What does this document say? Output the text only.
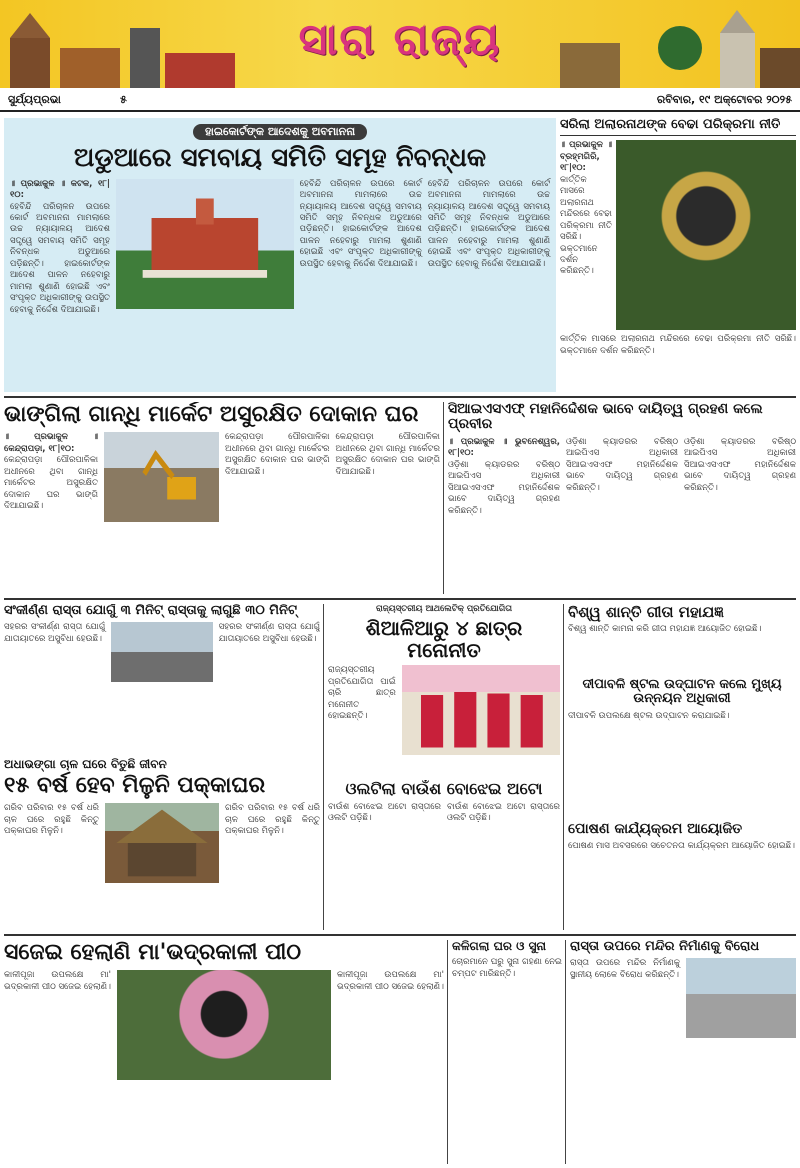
ସାରା ରାଜ୍ୟ
ସୁର୍ଯ୍ୟପ୍ରଭା	୫	ରବିବାର, ୧୯ ଅକ୍ଟୋବର ୨୦୨୫
ହାଇକୋର୍ଟଙ୍କ ଆଦେଶକୁ ଅବମାନନା
ଅଡୁଆରେ ସମବାୟ ସମିତି ସମୂହ ନିବନ୍ଧକ
॥ ପ୍ରଭାକୁଳ ॥ କଟକ, ୧୮|୧୦:
ହେବିନ୍ଦି ପରିଚାଳନ ଉପରେ କୋର୍ଟ ଅବମାନନା ମାମଲାରେ ଉଚ୍ଚ ନ୍ୟାୟାଳୟ ଆଦେଶ ସତ୍ତ୍ୱେ ସମବାୟ ସମିତି ସମୂହ ନିବନ୍ଧକ ଅଡୁଆରେ ପଡ଼ିଛନ୍ତି। ହାଇକୋର୍ଟଙ୍କ ଆଦେଶ ପାଳନ ନହେବାରୁ ମାମଲା ଶୁଣାଣି ହୋଇଛି ଏବଂ ସଂପୃକ୍ତ ଅଧିକାରୀଙ୍କୁ ଉପସ୍ଥିତ ହେବାକୁ ନିର୍ଦ୍ଦେଶ ଦିଆଯାଇଛି।
ହେବିନ୍ଦି ପରିଚାଳନ ଉପରେ କୋର୍ଟ ଅବମାନନା ମାମଲାରେ ଉଚ୍ଚ ନ୍ୟାୟାଳୟ ଆଦେଶ ସତ୍ତ୍ୱେ ସମବାୟ ସମିତି ସମୂହ ନିବନ୍ଧକ ଅଡୁଆରେ ପଡ଼ିଛନ୍ତି। ହାଇକୋର୍ଟଙ୍କ ଆଦେଶ ପାଳନ ନହେବାରୁ ମାମଲା ଶୁଣାଣି ହୋଇଛି ଏବଂ ସଂପୃକ୍ତ ଅଧିକାରୀଙ୍କୁ ଉପସ୍ଥିତ ହେବାକୁ ନିର୍ଦ୍ଦେଶ ଦିଆଯାଇଛି।
ହେବିନ୍ଦି ପରିଚାଳନ ଉପରେ କୋର୍ଟ ଅବମାନନା ମାମଲାରେ ଉଚ୍ଚ ନ୍ୟାୟାଳୟ ଆଦେଶ ସତ୍ତ୍ୱେ ସମବାୟ ସମିତି ସମୂହ ନିବନ୍ଧକ ଅଡୁଆରେ ପଡ଼ିଛନ୍ତି। ହାଇକୋର୍ଟଙ୍କ ଆଦେଶ ପାଳନ ନହେବାରୁ ମାମଲା ଶୁଣାଣି ହୋଇଛି ଏବଂ ସଂପୃକ୍ତ ଅଧିକାରୀଙ୍କୁ ଉପସ୍ଥିତ ହେବାକୁ ନିର୍ଦ୍ଦେଶ ଦିଆଯାଇଛି।
ସରିଲା ଅଲାରନାଥଙ୍କ ବେଢା ପରିକ୍ରମା ନୀତି
॥ ପ୍ରଭାକୁଳ ॥ ବ୍ରହ୍ମଗିରି, ୧୮|୧୦:
କାର୍ତ୍ତିକ ମାସରେ ଅଲାରନାଥ ମନ୍ଦିରରେ ବେଢା ପରିକ୍ରମା ନୀତି ସରିଛି। ଭକ୍ତମାନେ ଦର୍ଶନ କରିଛନ୍ତି।
କାର୍ତ୍ତିକ ମାସରେ ଅଲାରନାଥ ମନ୍ଦିରରେ ବେଢା ପରିକ୍ରମା ନୀତି ସରିଛି। ଭକ୍ତମାନେ ଦର୍ଶନ କରିଛନ୍ତି।
ଭାଙ୍ଗିଲା ଗାନ୍ଧି ମାର୍କେଟ ଅସୁରକ୍ଷିତ ଦୋକାନ ଘର
॥ ପ୍ରଭାକୁଳ ॥ କେନ୍ଦ୍ରାପଡ଼ା, ୧୮|୧୦:
କେନ୍ଦ୍ରାପଡ଼ା ପୌରପାଳିକା ଅଧୀନରେ ଥିବା ଗାନ୍ଧି ମାର୍କେଟର ଅସୁରକ୍ଷିତ ଦୋକାନ ଘର ଭାଙ୍ଗି ଦିଆଯାଇଛି।
କେନ୍ଦ୍ରାପଡ଼ା ପୌରପାଳିକା ଅଧୀନରେ ଥିବା ଗାନ୍ଧି ମାର୍କେଟର ଅସୁରକ୍ଷିତ ଦୋକାନ ଘର ଭାଙ୍ଗି ଦିଆଯାଇଛି।
କେନ୍ଦ୍ରାପଡ଼ା ପୌରପାଳିକା ଅଧୀନରେ ଥିବା ଗାନ୍ଧି ମାର୍କେଟର ଅସୁରକ୍ଷିତ ଦୋକାନ ଘର ଭାଙ୍ଗି ଦିଆଯାଇଛି।
ସିଆଇଏସଏଫ୍ ମହାନିର୍ଦ୍ଦେଶକ ଭାବେ ଦାୟିତ୍ୱ ଗ୍ରହଣ କଲେ ପ୍ରବୀର
॥ ପ୍ରଭାକୁଳ ॥ ଭୁବନେଶ୍ୱର, ୧୮|୧୦:
ଓଡ଼ିଶା କ୍ୟାଡରର ବରିଷ୍ଠ ଆଇପିଏସ ଅଧିକାରୀ ସିଆଇଏସଏଫ ମହାନିର୍ଦ୍ଦେଶକ ଭାବେ ଦାୟିତ୍ୱ ଗ୍ରହଣ କରିଛନ୍ତି।
ଓଡ଼ିଶା କ୍ୟାଡରର ବରିଷ୍ଠ ଆଇପିଏସ ଅଧିକାରୀ ସିଆଇଏସଏଫ ମହାନିର୍ଦ୍ଦେଶକ ଭାବେ ଦାୟିତ୍ୱ ଗ୍ରହଣ କରିଛନ୍ତି।
ଓଡ଼ିଶା କ୍ୟାଡରର ବରିଷ୍ଠ ଆଇପିଏସ ଅଧିକାରୀ ସିଆଇଏସଏଫ ମହାନିର୍ଦ୍ଦେଶକ ଭାବେ ଦାୟିତ୍ୱ ଗ୍ରହଣ କରିଛନ୍ତି।
ସଂକୀର୍ଣ୍ଣ ରାସ୍ତା ଯୋଗୁଁ ୩ ମିନିଟ୍ ରାସ୍ତାକୁ ଲାଗୁଛି ୩୦ ମିନିଟ୍
ସହରର ସଂକୀର୍ଣ୍ଣ ରାସ୍ତା ଯୋଗୁଁ ଯାତାୟାତରେ ଅସୁବିଧା ହେଉଛି।
ସହରର ସଂକୀର୍ଣ୍ଣ ରାସ୍ତା ଯୋଗୁଁ ଯାତାୟାତରେ ଅସୁବିଧା ହେଉଛି।
ଅଧାଭଙ୍ଗା ଚାଳ ଘରେ ବିତୁଛି ଜୀବନ
୧୫ ବର୍ଷ ହେବ ମିଳୁନି ପକ୍କାଘର
ଗରିବ ପରିବାର ୧୫ ବର୍ଷ ଧରି ଚାଳ ଘରେ ରହୁଛି କିନ୍ତୁ ପକ୍କାଘର ମିଳୁନି।
ଗରିବ ପରିବାର ୧୫ ବର୍ଷ ଧରି ଚାଳ ଘରେ ରହୁଛି କିନ୍ତୁ ପକ୍କାଘର ମିଳୁନି।
ରାଜ୍ୟସ୍ତରୀୟ ଆଥଲେଟିକ୍ ପ୍ରତିଯୋଗିତା
ଶିଆଳିଆରୁ ୪ ଛାତ୍ର ମନୋନୀତ
ରାଜ୍ୟସ୍ତରୀୟ ପ୍ରତିଯୋଗିତା ପାଇଁ ଚାରି ଛାତ୍ର ମନୋନୀତ ହୋଇଛନ୍ତି।
ଓଲଟିଲା ବାଉଁଶ ବୋଝେଇ ଅଟୋ
ବାଉଁଶ ବୋଝେଇ ଅଟୋ ରାସ୍ତାରେ ଓଲଟି ପଡ଼ିଛି।
ବାଉଁଶ ବୋଝେଇ ଅଟୋ ରାସ୍ତାରେ ଓଲଟି ପଡ଼ିଛି।
ବିଶ୍ୱ ଶାନ୍ତି ଗୀତା ମହାଯଜ୍ଞ
ବିଶ୍ୱ ଶାନ୍ତି କାମନା କରି ଗୀତା ମହାଯଜ୍ଞ ଆୟୋଜିତ ହୋଇଛି।
ଦୀପାବଳି ଷ୍ଟଲ ଉଦ୍‌ଘାଟନ କଲେ ମୁଖ୍ୟ ଉନ୍ନୟନ ଅଧିକାରୀ
ଦୀପାବଳି ଉପଲକ୍ଷେ ଷ୍ଟଲ ଉଦ୍‌ଘାଟନ କରାଯାଇଛି।
ପୋଷଣ କାର୍ଯ୍ୟକ୍ରମ ଆୟୋଜିତ
ପୋଷଣ ମାସ ଅବସରରେ ସଚେତନତା କାର୍ଯ୍ୟକ୍ରମ ଆୟୋଜିତ ହୋଇଛି।
ସଜେଇ ହେଲାଣି ମା'ଭଦ୍ରକାଳୀ ପୀଠ
କାଳୀପୂଜା ଉପଲକ୍ଷେ ମା' ଭଦ୍ରକାଳୀ ପୀଠ ସଜେଇ ହେଲାଣି।
କାଳୀପୂଜା ଉପଲକ୍ଷେ ମା' ଭଦ୍ରକାଳୀ ପୀଠ ସଜେଇ ହେଲାଣି।
କଳିଗଲା ଘର ଓ ସୁନା
ଚୋରମାନେ ଘରୁ ସୁନା ଗହଣା ନେଇ ଚମ୍ପଟ ମାରିଛନ୍ତି।
ରାସ୍ତା ଉପରେ ମନ୍ଦିର ନିର୍ମାଣକୁ ବିରୋଧ
ରାସ୍ତା ଉପରେ ମନ୍ଦିର ନିର୍ମାଣକୁ ସ୍ଥାନୀୟ ଲୋକେ ବିରୋଧ କରିଛନ୍ତି।
